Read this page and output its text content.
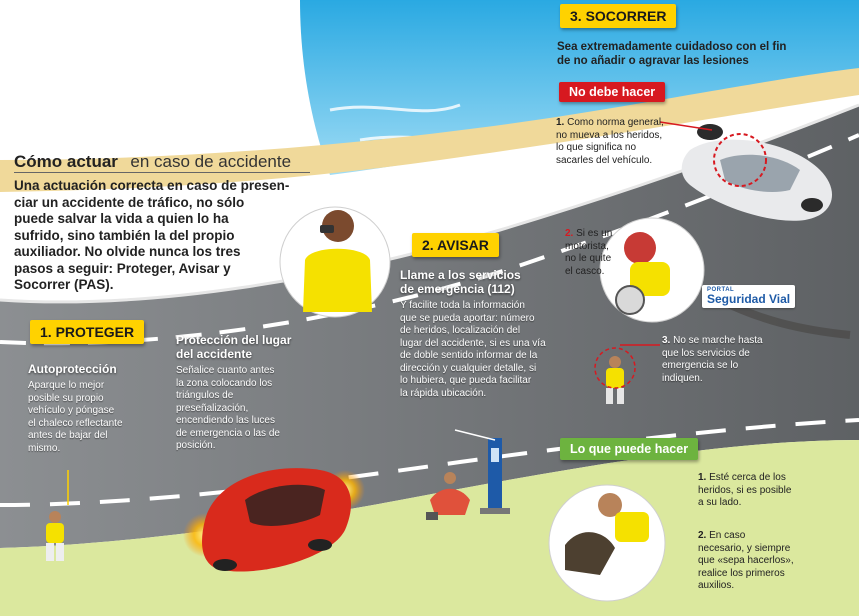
Cómo actuar en caso de accidente
Una actuación correcta en caso de presen-
ciar un accidente de tráfico, no sólo
puede salvar la vida a quien lo ha
sufrido, sino también la del propio
auxiliador. No olvide nunca los tres
pasos a seguir: Proteger, Avisar y
Socorrer (PAS).
1. PROTEGER
Autoprotección
Aparque lo mejor
posible su propio
vehículo y póngase
el chaleco reflectante
antes de bajar del
mismo.
Protección del lugar
del accidente
Señalice cuanto antes
la zona colocando los
triángulos de
preseñalización,
encendiendo las luces
de emergencia o las de
posición.
2. AVISAR
Llame a los servicios
de emergencia (112)
Y facilite toda la información
que se pueda aportar: número
de heridos, localización del
lugar del accidente, si es una vía
de doble sentido informar de la
dirección y cualquier detalle, si
lo hubiera, que pueda facilitar
la rápida ubicación.
3. SOCORRER
Sea extremadamente cuidadoso con el fin
de no añadir o agravar las lesiones
No debe hacer
1. Como norma general,
no mueva a los heridos,
lo que significa no
sacarles del vehículo.
2. Si es un
motorista,
no le quite
el casco.
3. No se marche hasta
que los servicios de
emergencia se lo
indiquen.
Lo que puede hacer
1. Esté cerca de los
heridos, si es posible
a su lado.
2. En caso
necesario, y siempre
que «sepa hacerlos»,
realice los primeros
auxilios.
PORTAL
Seguridad Vial
